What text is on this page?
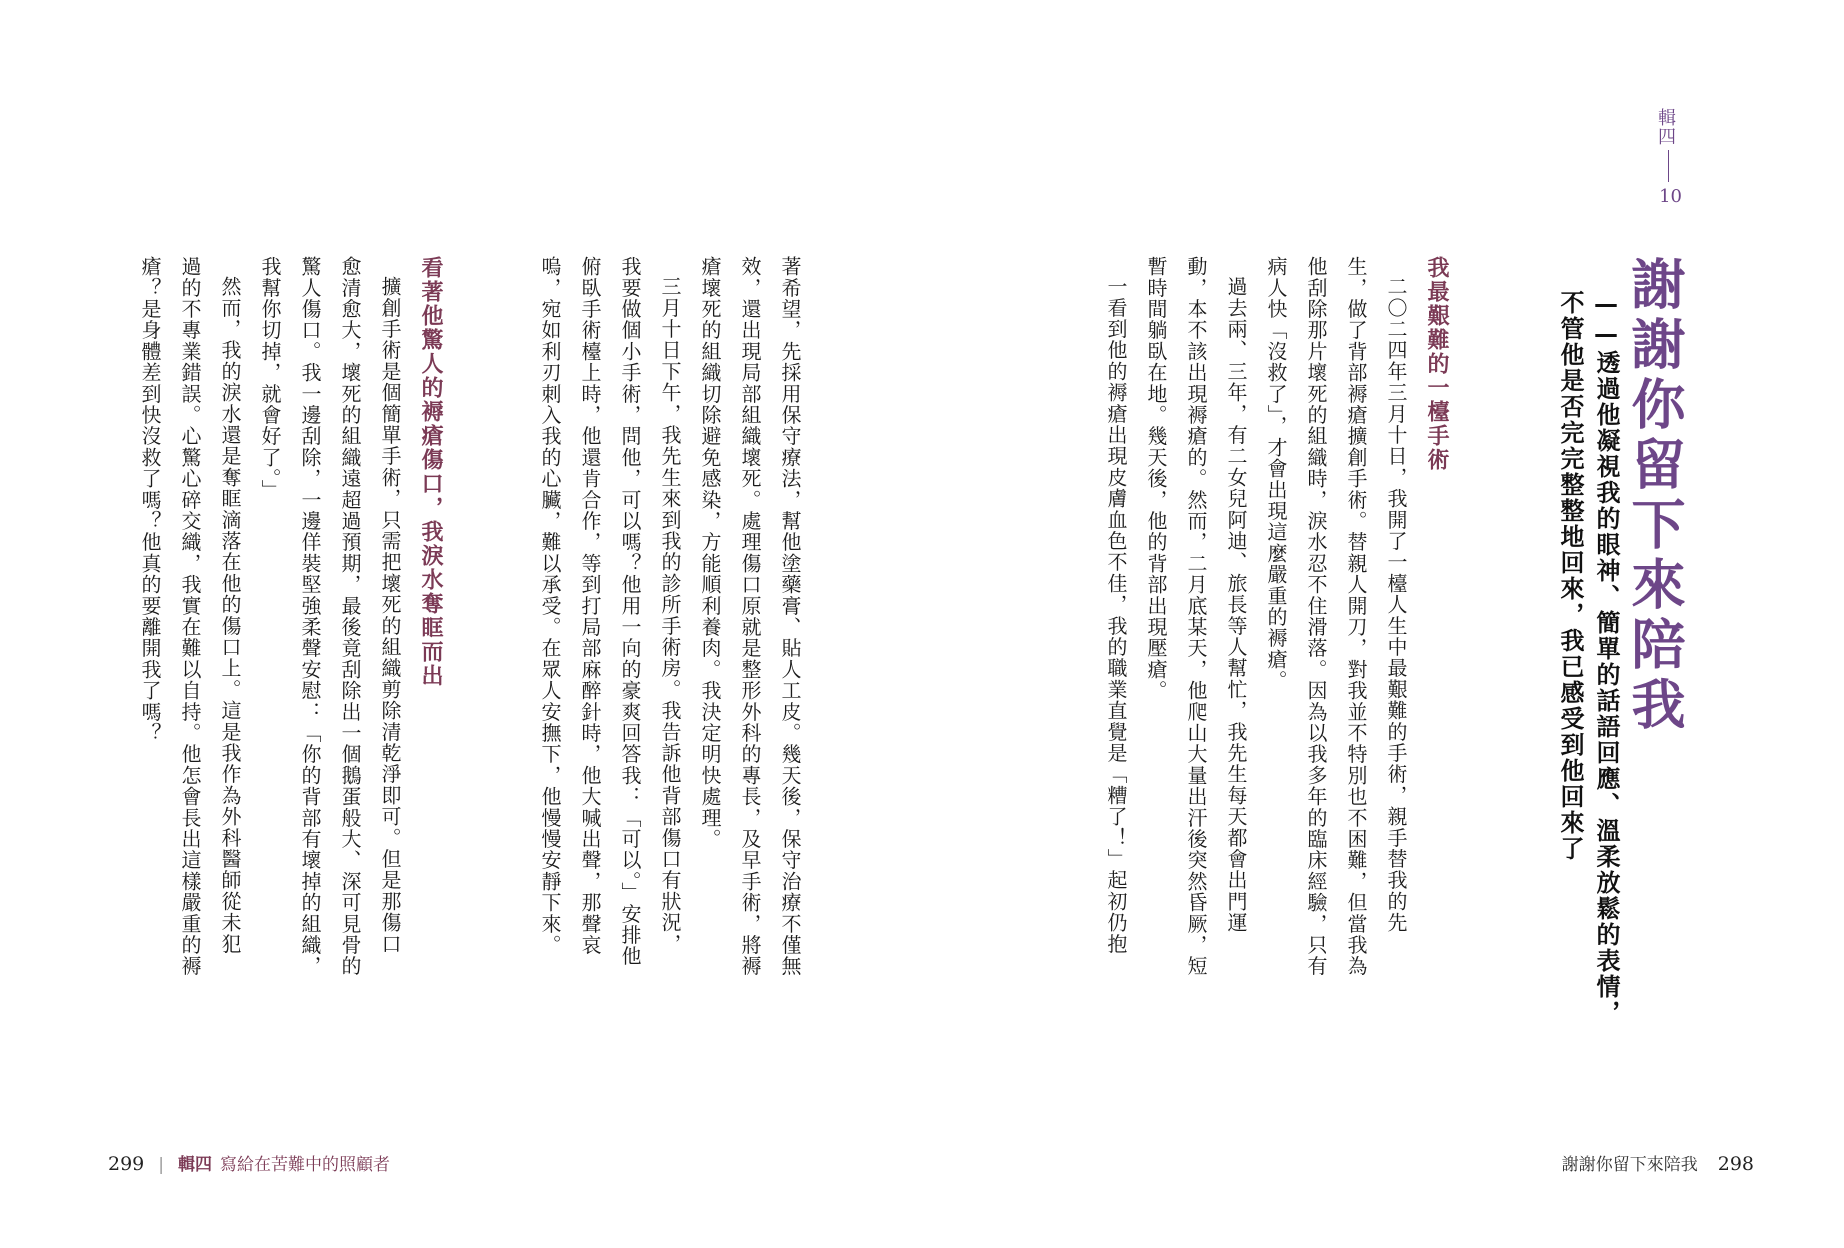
輯四
10
謝謝你留下來陪我
——透過他凝視我的眼神、簡單的話語回應、溫柔放鬆的表情，
不管他是否完完整整地回來，我已感受到他回來了
我最艱難的一檯手術
二〇二四年三月十日，我開了一檯人生中最艱難的手術，親手替我的先
生，做了背部褥瘡擴創手術。替親人開刀，對我並不特別也不困難，但當我為
他刮除那片壞死的組織時，淚水忍不住滑落。因為以我多年的臨床經驗，只有
病人快「沒救了」，才會出現這麼嚴重的褥瘡。
過去兩、三年，有二女兒阿迪、旅長等人幫忙，我先生每天都會出門運
動，本不該出現褥瘡的。然而，二月底某天，他爬山大量出汗後突然昏厥，短
暫時間躺臥在地。幾天後，他的背部出現壓瘡。
一看到他的褥瘡出現皮膚血色不佳，我的職業直覺是「糟了！」起初仍抱
著希望，先採用保守療法，幫他塗藥膏、貼人工皮。幾天後，保守治療不僅無
效，還出現局部組織壞死。處理傷口原就是整形外科的專長，及早手術，將褥
瘡壞死的組織切除避免感染，方能順利養肉。我決定明快處理。
三月十日下午，我先生來到我的診所手術房。我告訴他背部傷口有狀況，
我要做個小手術，問他，可以嗎？他用一向的豪爽回答我：「可以。」安排他
俯臥手術檯上時，他還肯合作，等到打局部麻醉針時，他大喊出聲，那聲哀
嗚，宛如利刃刺入我的心臟，難以承受。在眾人安撫下，他慢慢安靜下來。
看著他驚人的褥瘡傷口，我淚水奪眶而出
擴創手術是個簡單手術，只需把壞死的組織剪除清乾淨即可。但是那傷口
愈清愈大，壞死的組織遠超過預期，最後竟刮除出一個鵝蛋般大、深可見骨的
驚人傷口。我一邊刮除，一邊佯裝堅強柔聲安慰：「你的背部有壞掉的組織，
我幫你切掉，就會好了。」
然而，我的淚水還是奪眶滴落在他的傷口上。這是我作為外科醫師從未犯
過的不專業錯誤。心驚心碎交織，我實在難以自持。他怎會長出這樣嚴重的褥
瘡？是身體差到快沒救了嗎？他真的要離開我了嗎？
299 | 輯四 寫給在苦難中的照顧者	謝謝你留下來陪我 298
